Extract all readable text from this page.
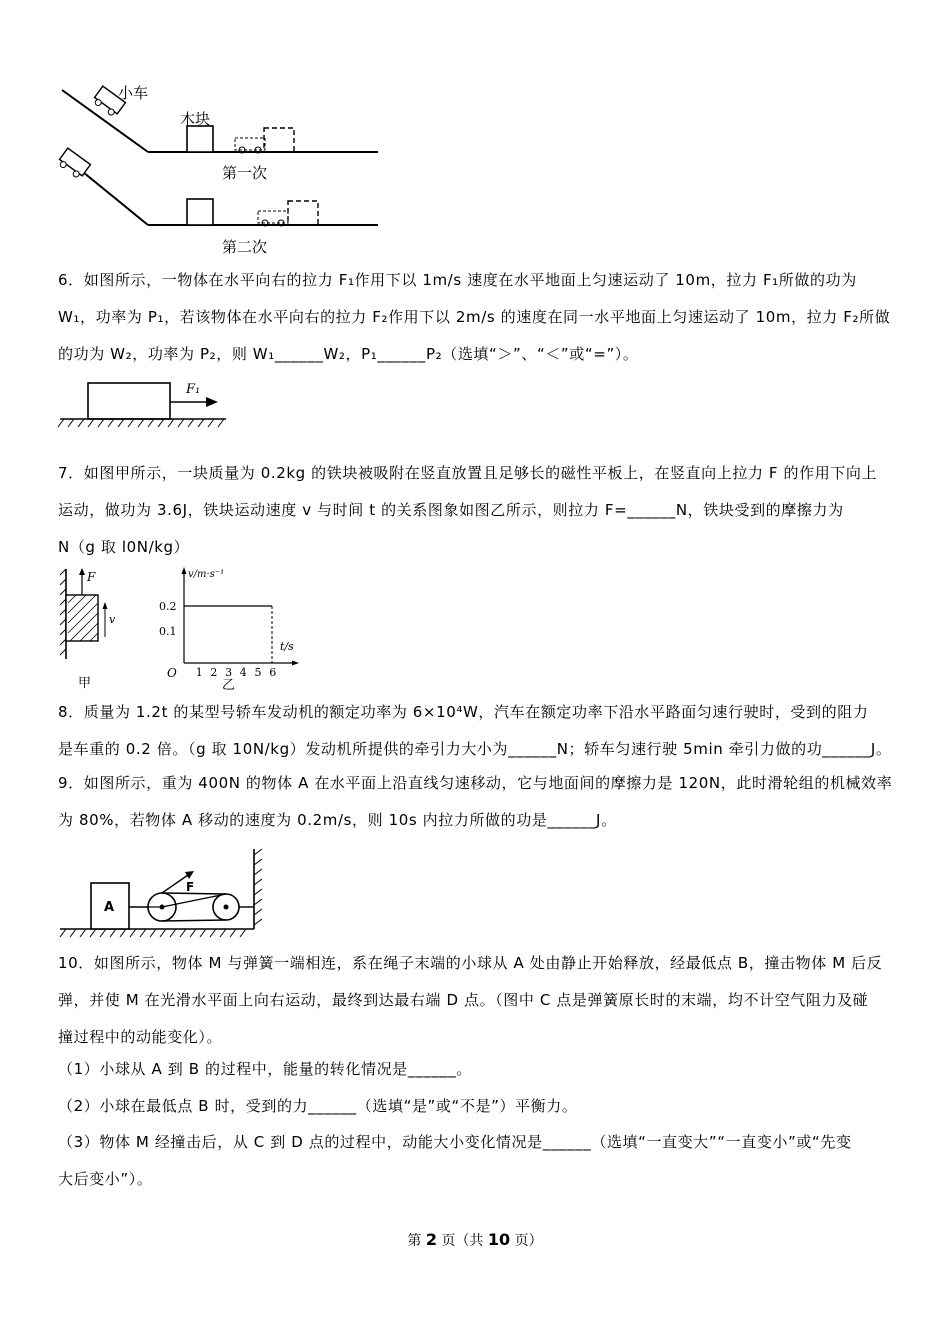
小车
木块
第一次
第二次
6．如图所示，一物体在水平向右的拉力 F₁作用下以 1m/s 速度在水平地面上匀速运动了 10m，拉力 F₁所做的功为
W₁，功率为 P₁，若该物体在水平向右的拉力 F₂作用下以 2m/s 的速度在同一水平地面上匀速运动了 10m，拉力 F₂所做
的功为 W₂，功率为 P₂，则 W₁______W₂，P₁______P₂（选填“＞”、“＜”或“=”）。
F₁
7．如图甲所示，一块质量为 0.2kg 的铁块被吸附在竖直放置且足够长的磁性平板上，在竖直向上拉力 F 的作用下向上
运动，做功为 3.6J，铁块运动速度 v 与时间 t 的关系图象如图乙所示，则拉力 F=______N，铁块受到的摩擦力为
N（g 取 l0N/kg）
F
v
甲
v/m·s⁻¹
t/s
O
0.2
0.1
1 2 3 4 5 6
乙
8．质量为 1.2t 的某型号轿车发动机的额定功率为 6×10⁴W，汽车在额定功率下沿水平路面匀速行驶时，受到的阻力
是车重的 0.2 倍。（g 取 10N/kg）发动机所提供的牵引力大小为______N；轿车匀速行驶 5min 牵引力做的功______J。
9．如图所示，重为 400N 的物体 A 在水平面上沿直线匀速移动，它与地面间的摩擦力是 120N，此时滑轮组的机械效率
为 80%，若物体 A 移动的速度为 0.2m/s，则 10s 内拉力所做的功是______J。
A
F
10．如图所示，物体 M 与弹簧一端相连，系在绳子末端的小球从 A 处由静止开始释放，经最低点 B，撞击物体 M 后反
弹，并使 M 在光滑水平面上向右运动，最终到达最右端 D 点。（图中 C 点是弹簧原长时的末端，均不计空气阻力及碰
撞过程中的动能变化）。
（1）小球从 A 到 B 的过程中，能量的转化情况是______。
（2）小球在最低点 B 时，受到的力______（选填“是”或“不是”）平衡力。
（3）物体 M 经撞击后，从 C 到 D 点的过程中，动能大小变化情况是______（选填“一直变大”“一直变小”或“先变
大后变小”）。
第 2 页（共 10 页）
